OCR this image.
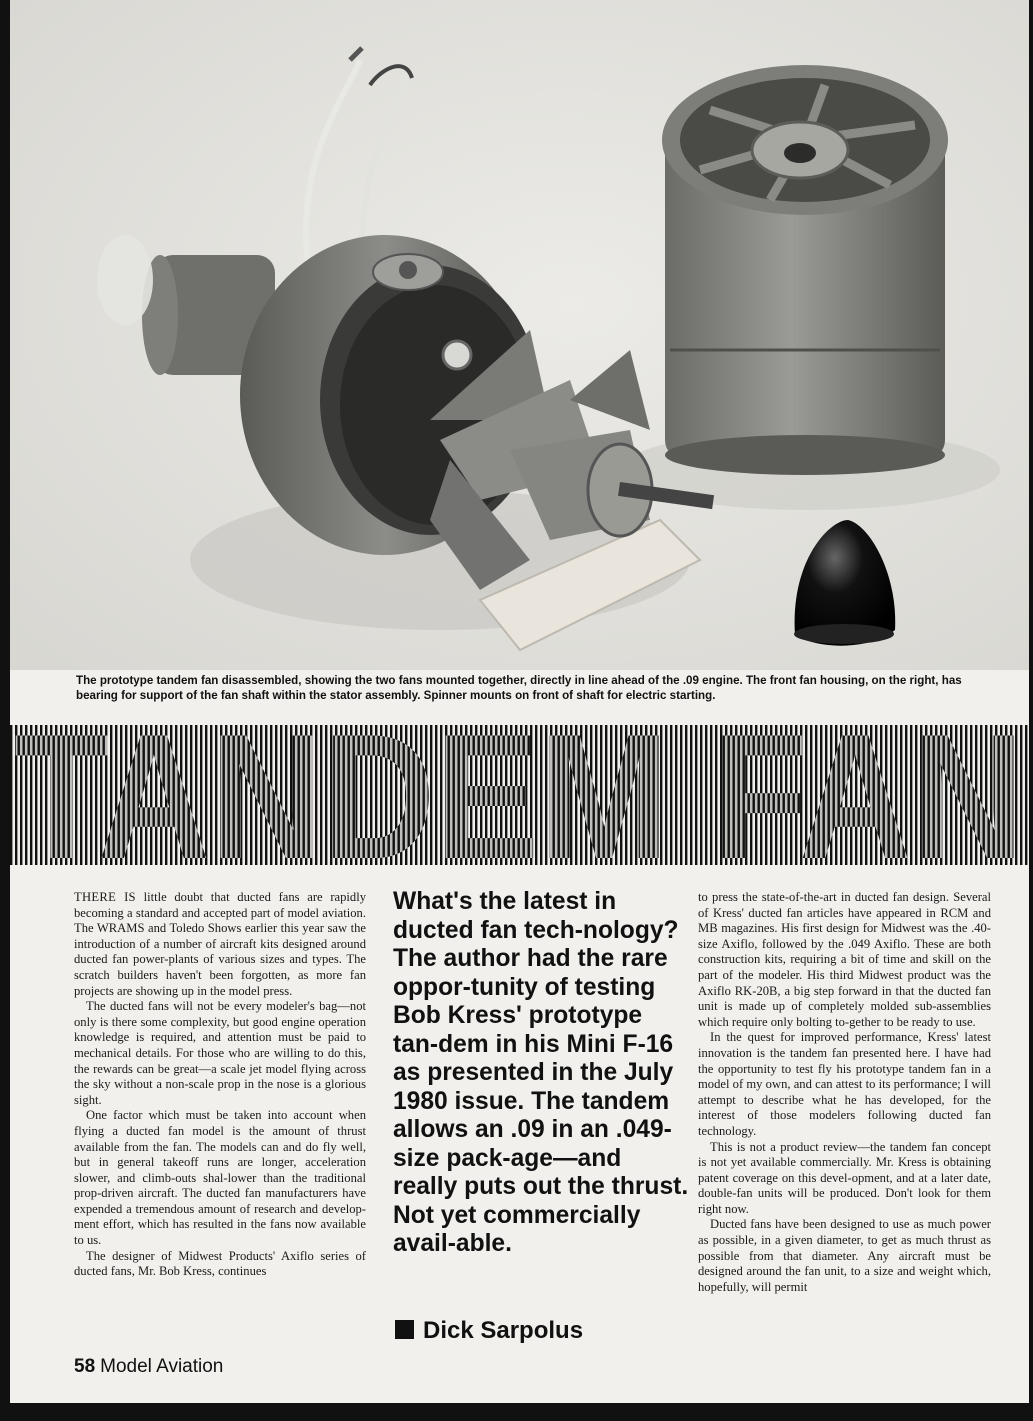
The prototype tandem fan disassembled, showing the two fans mounted together, directly in line ahead of the .09 engine. The front fan housing, on the right, has bearing for support of the fan shaft within the stator assembly. Spinner mounts on front of shaft for electric starting.

TANDEM FAN

THERE IS little doubt that ducted fans are rapidly becoming a standard and accepted part of model aviation. The WRAMS and Toledo Shows earlier this year saw the introduction of a number of aircraft kits designed around ducted fan power-plants of various sizes and types. The scratch builders haven't been forgotten, as more fan projects are showing up in the model press.

The ducted fans will not be every modeler's bag—not only is there some complexity, but good engine operation knowledge is required, and attention must be paid to mechanical details. For those who are willing to do this, the rewards can be great—a scale jet model flying across the sky without a non-scale prop in the nose is a glorious sight.

One factor which must be taken into account when flying a ducted fan model is the amount of thrust available from the fan. The models can and do fly well, but in general takeoff runs are longer, acceleration slower, and climb-outs shal-lower than the traditional prop-driven aircraft. The ducted fan manufacturers have expended a tremendous amount of research and develop-ment effort, which has resulted in the fans now available to us.

The designer of Midwest Products' Axiflo series of ducted fans, Mr. Bob Kress, continues

What's the latest in ducted fan tech-nology? The author had the rare oppor-tunity of testing Bob Kress' prototype tan-dem in his Mini F-16 as presented in the July 1980 issue. The tandem allows an .09 in an .049-size pack-age—and really puts out the thrust. Not yet commercially avail-able.

Dick Sarpolus

to press the state-of-the-art in ducted fan design. Several of Kress' ducted fan articles have appeared in RCM and MB magazines. His first design for Midwest was the .40-size Axiflo, followed by the .049 Axiflo. These are both construction kits, requiring a bit of time and skill on the part of the modeler. His third Midwest product was the Axiflo RK-20B, a big step forward in that the ducted fan unit is made up of completely molded sub-assemblies which require only bolting to-gether to be ready to use.

In the quest for improved performance, Kress' latest innovation is the tandem fan presented here. I have had the opportunity to test fly his prototype tandem fan in a model of my own, and can attest to its performance; I will attempt to describe what he has developed, for the interest of those modelers following ducted fan technology.

This is not a product review—the tandem fan concept is not yet available commercially. Mr. Kress is obtaining patent coverage on this devel-opment, and at a later date, double-fan units will be produced. Don't look for them right now.

Ducted fans have been designed to use as much power as possible, in a given diameter, to get as much thrust as possible from that diameter. Any aircraft must be designed around the fan unit, to a size and weight which, hopefully, will permit

58 Model Aviation
